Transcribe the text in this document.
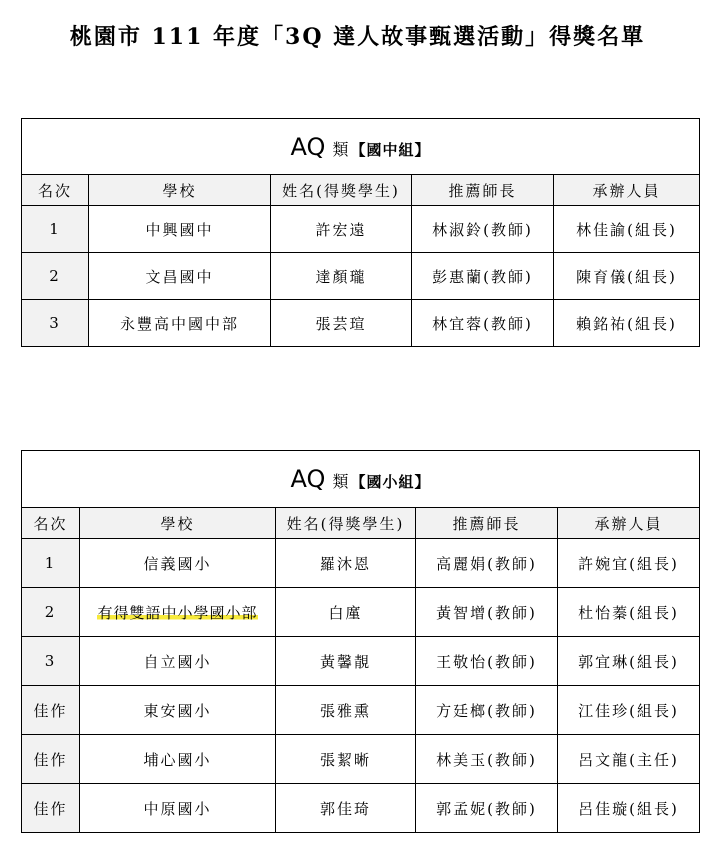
桃園市 111 年度「3Q 達人故事甄選活動」得獎名單
AQ 類【國中組】				
名次	學校	姓名(得獎學生)	推薦師長	承辦人員
1	中興國中	許宏遠	林淑鈴(教師)	林佳諭(組長)
2	文昌國中	達顏瓏	彭惠蘭(教師)	陳育儀(組長)
3	永豐高中國中部	張芸瑄	林宜蓉(教師)	賴銘祐(組長)
AQ 類【國小組】				
名次	學校	姓名(得獎學生)	推薦師長	承辦人員
1	信義國小	羅沐恩	高麗娟(教師)	許婉宜(組長)
2	有得雙語中小學國小部	白廑	黃智增(教師)	杜怡蓁(組長)
3	自立國小	黃馨靚	王敬怡(教師)	郭宜琳(組長)
佳作	東安國小	張雅熏	方廷榔(教師)	江佳珍(組長)
佳作	埔心國小	張絜晰	林美玉(教師)	呂文龍(主任)
佳作	中原國小	郭佳琦	郭孟妮(教師)	呂佳璇(組長)
